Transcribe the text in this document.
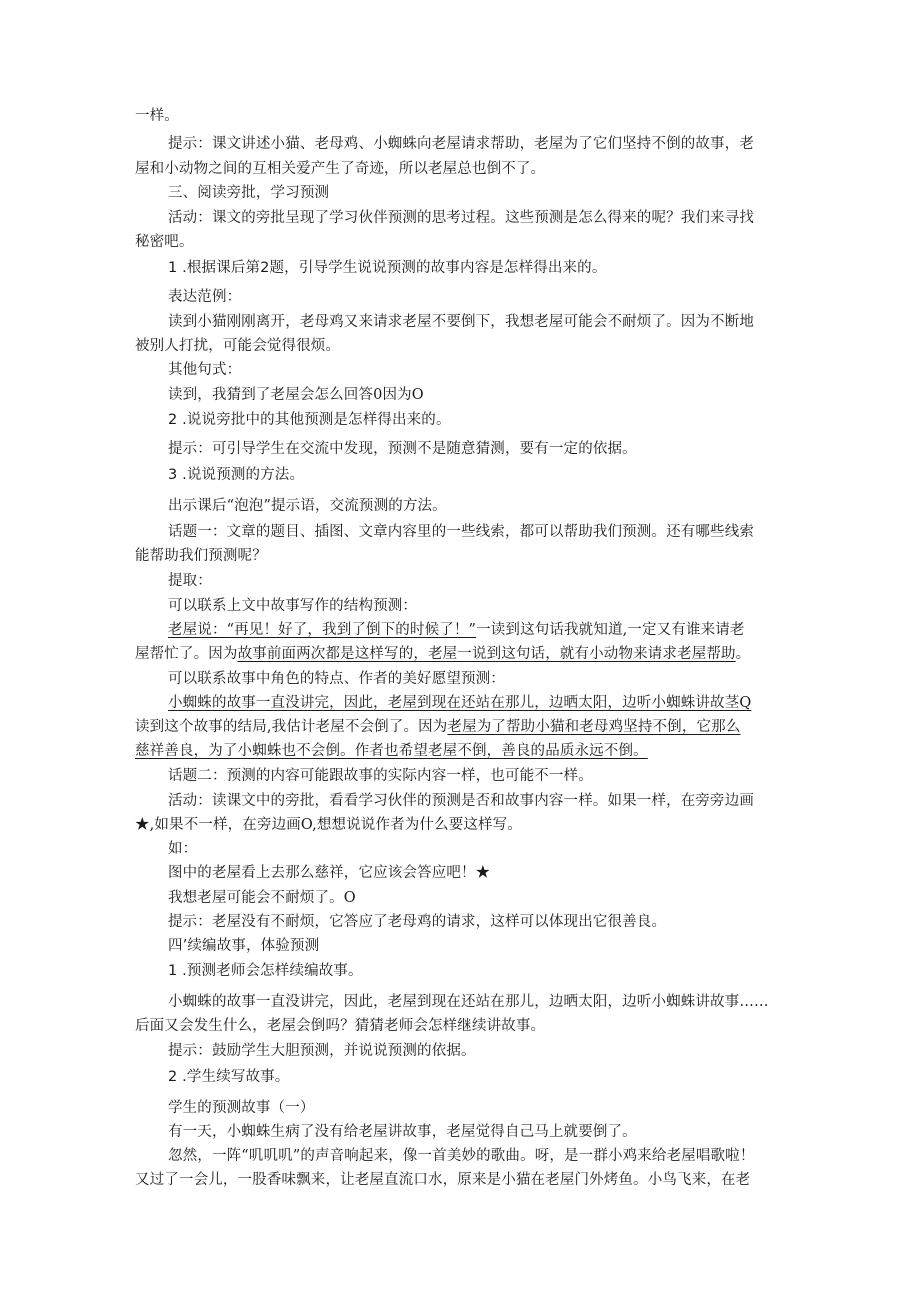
一样。
提示：课文讲述小猫、老母鸡、小蜘蛛向老屋请求帮助，老屋为了它们坚持不倒的故事，老
屋和小动物之间的互相关爱产生了奇迹，所以老屋总也倒不了。
三、阅读旁批，学习预测
活动：课文的旁批呈现了学习伙伴预测的思考过程。这些预测是怎么得来的呢？我们来寻找
秘密吧。
1 .根据课后第2题，引导学生说说预测的故事内容是怎样得出来的。
表达范例：
读到小猫刚刚离开，老母鸡又来请求老屋不要倒下，我想老屋可能会不耐烦了。因为不断地
被别人打扰，可能会觉得很烦。
其他句式：
读到，我猜到了老屋会怎么回答0因为O
2 .说说旁批中的其他预测是怎样得出来的。
提示：可引导学生在交流中发现，预测不是随意猜测，要有一定的依据。
3 .说说预测的方法。
出示课后“泡泡”提示语，交流预测的方法。
话题一：文章的题目、插图、文章内容里的一些线索，都可以帮助我们预测。还有哪些线索
能帮助我们预测呢？
提取：
可以联系上文中故事写作的结构预测：
老屋说：“再见！好了，我到了倒下的时候了！”一读到这句话我就知道,一定又有谁来请老
屋帮忙了。因为故事前面两次都是这样写的，老屋一说到这句话，就有小动物来请求老屋帮助。
可以联系故事中角色的特点、作者的美好愿望预测：
小蜘蛛的故事一直没讲完，因此，老屋到现在还站在那儿，边晒太阳，边听小蜘蛛讲故茎Q
读到这个故事的结局,我估计老屋不会倒了。因为老屋为了帮助小猫和老母鸡坚持不倒，它那么
慈祥善良，为了小蜘蛛也不会倒。作者也希望老屋不倒，善良的品质永远不倒。
话题二：预测的内容可能跟故事的实际内容一样，也可能不一样。
活动：读课文中的旁批，看看学习伙伴的预测是否和故事内容一样。如果一样，在旁旁边画
★,如果不一样，在旁边画O,想想说说作者为什么要这样写。
如：
图中的老屋看上去那么慈祥，它应该会答应吧！★
我想老屋可能会不耐烦了。O
提示：老屋没有不耐烦，它答应了老母鸡的请求，这样可以体现出它很善良。
四’续编故事，体验预测
1 .预测老师会怎样续编故事。
小蜘蛛的故事一直没讲完，因此，老屋到现在还站在那儿，边晒太阳，边听小蜘蛛讲故事……
后面又会发生什么，老屋会倒吗？猜猜老师会怎样继续讲故事。
提示：鼓励学生大胆预测，并说说预测的依据。
2 .学生续写故事。
学生的预测故事（一）
有一天，小蜘蛛生病了没有给老屋讲故事，老屋觉得自己马上就要倒了。
忽然，一阵“叽叽叽”的声音响起来，像一首美妙的歌曲。呀，是一群小鸡来给老屋唱歌啦！
又过了一会儿，一股香味飘来，让老屋直流口水，原来是小猫在老屋门外烤鱼。小鸟飞来，在老
